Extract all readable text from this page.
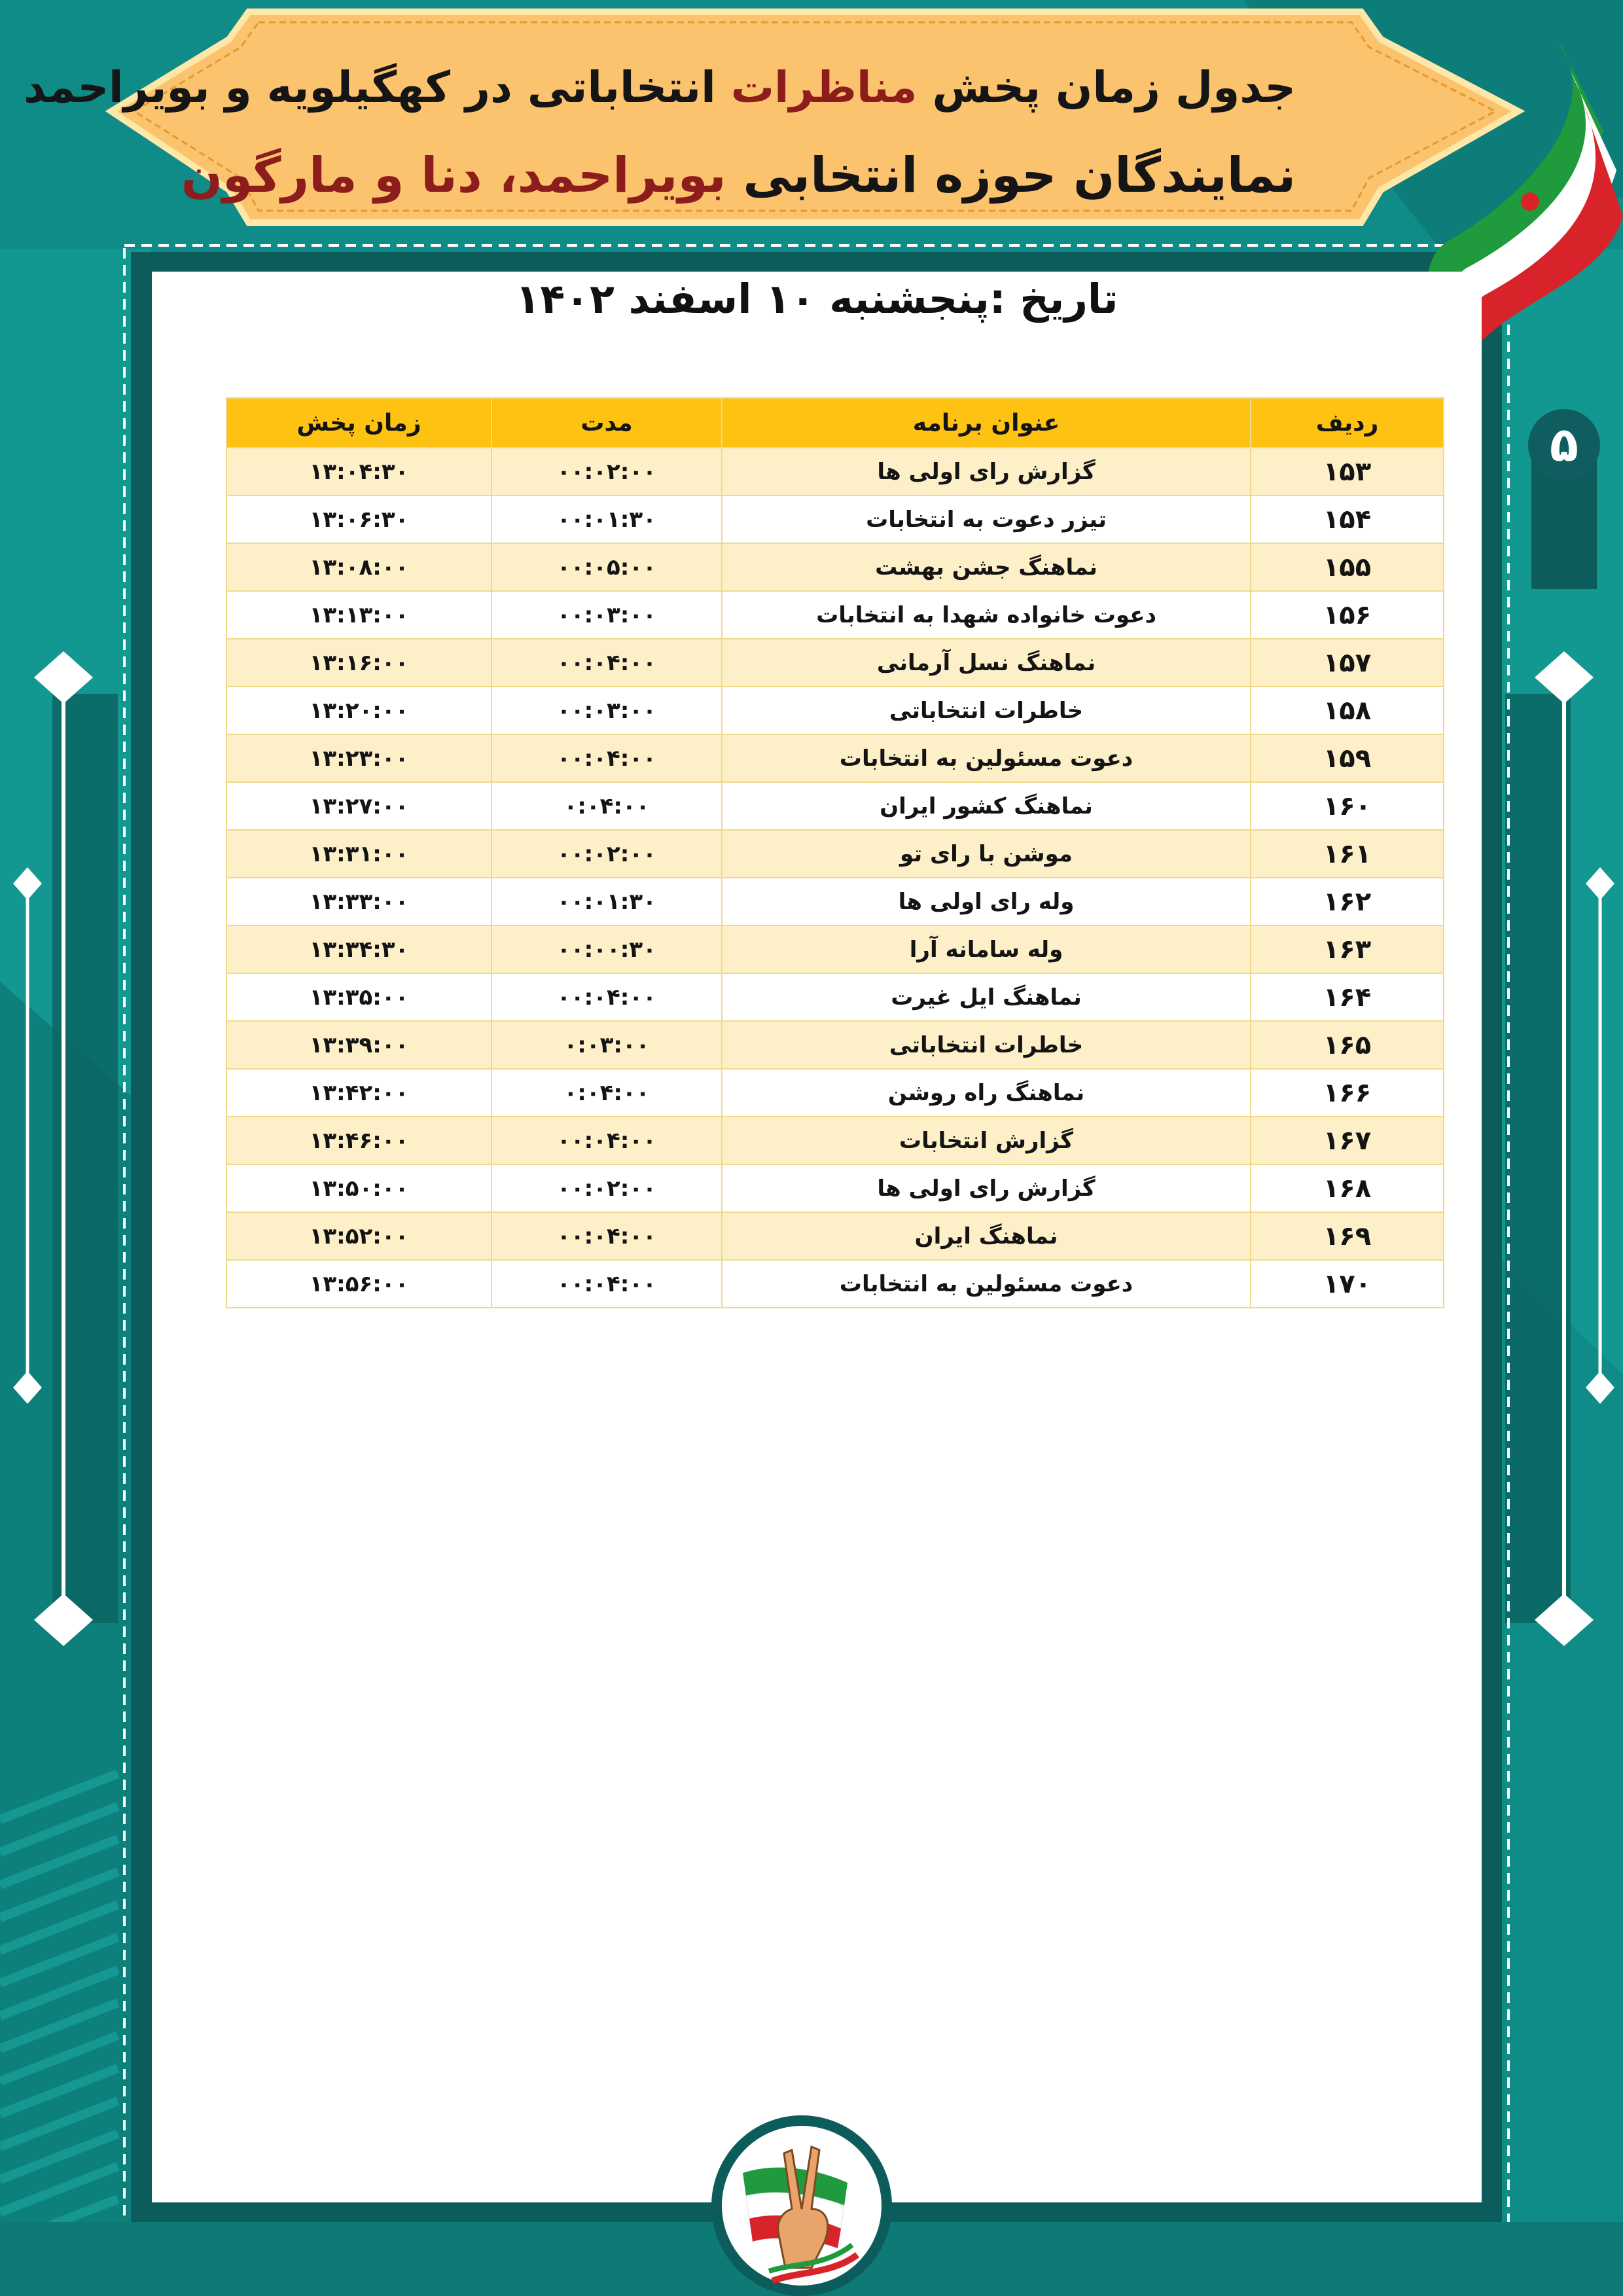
جدول زمان پخش مناظرات انتخاباتی در کهگیلویه و بویراحمد
نمایندگان حوزه انتخابی بویراحمد، دنا و مارگون
۵
تاریخ :پنجشنبه ۱۰ اسفند ۱۴۰۲
ردیف	عنوان برنامه	مدت	زمان پخش
۱۵۳	گزارش رای اولی ها	۰۰:۰۲:۰۰	۱۳:۰۴:۳۰
۱۵۴	تیزر دعوت به انتخابات	۰۰:۰۱:۳۰	۱۳:۰۶:۳۰
۱۵۵	نماهنگ جشن بهشت	۰۰:۰۵:۰۰	۱۳:۰۸:۰۰
۱۵۶	دعوت خانواده شهدا به انتخابات	۰۰:۰۳:۰۰	۱۳:۱۳:۰۰
۱۵۷	نماهنگ نسل آرمانی	۰۰:۰۴:۰۰	۱۳:۱۶:۰۰
۱۵۸	خاطرات انتخاباتی	۰۰:۰۳:۰۰	۱۳:۲۰:۰۰
۱۵۹	دعوت مسئولین به انتخابات	۰۰:۰۴:۰۰	۱۳:۲۳:۰۰
۱۶۰	نماهنگ کشور ایران	۰:۰۴:۰۰	۱۳:۲۷:۰۰
۱۶۱	موشن با رای تو	۰۰:۰۲:۰۰	۱۳:۳۱:۰۰
۱۶۲	وله رای اولی ها	۰۰:۰۱:۳۰	۱۳:۳۳:۰۰
۱۶۳	وله سامانه آرا	۰۰:۰۰:۳۰	۱۳:۳۴:۳۰
۱۶۴	نماهنگ ایل غیرت	۰۰:۰۴:۰۰	۱۳:۳۵:۰۰
۱۶۵	خاطرات انتخاباتی	۰:۰۳:۰۰	۱۳:۳۹:۰۰
۱۶۶	نماهنگ راه روشن	۰:۰۴:۰۰	۱۳:۴۲:۰۰
۱۶۷	گزارش انتخابات	۰۰:۰۴:۰۰	۱۳:۴۶:۰۰
۱۶۸	گزارش رای اولی ها	۰۰:۰۲:۰۰	۱۳:۵۰:۰۰
۱۶۹	نماهنگ ایران	۰۰:۰۴:۰۰	۱۳:۵۲:۰۰
۱۷۰	دعوت مسئولین به انتخابات	۰۰:۰۴:۰۰	۱۳:۵۶:۰۰
